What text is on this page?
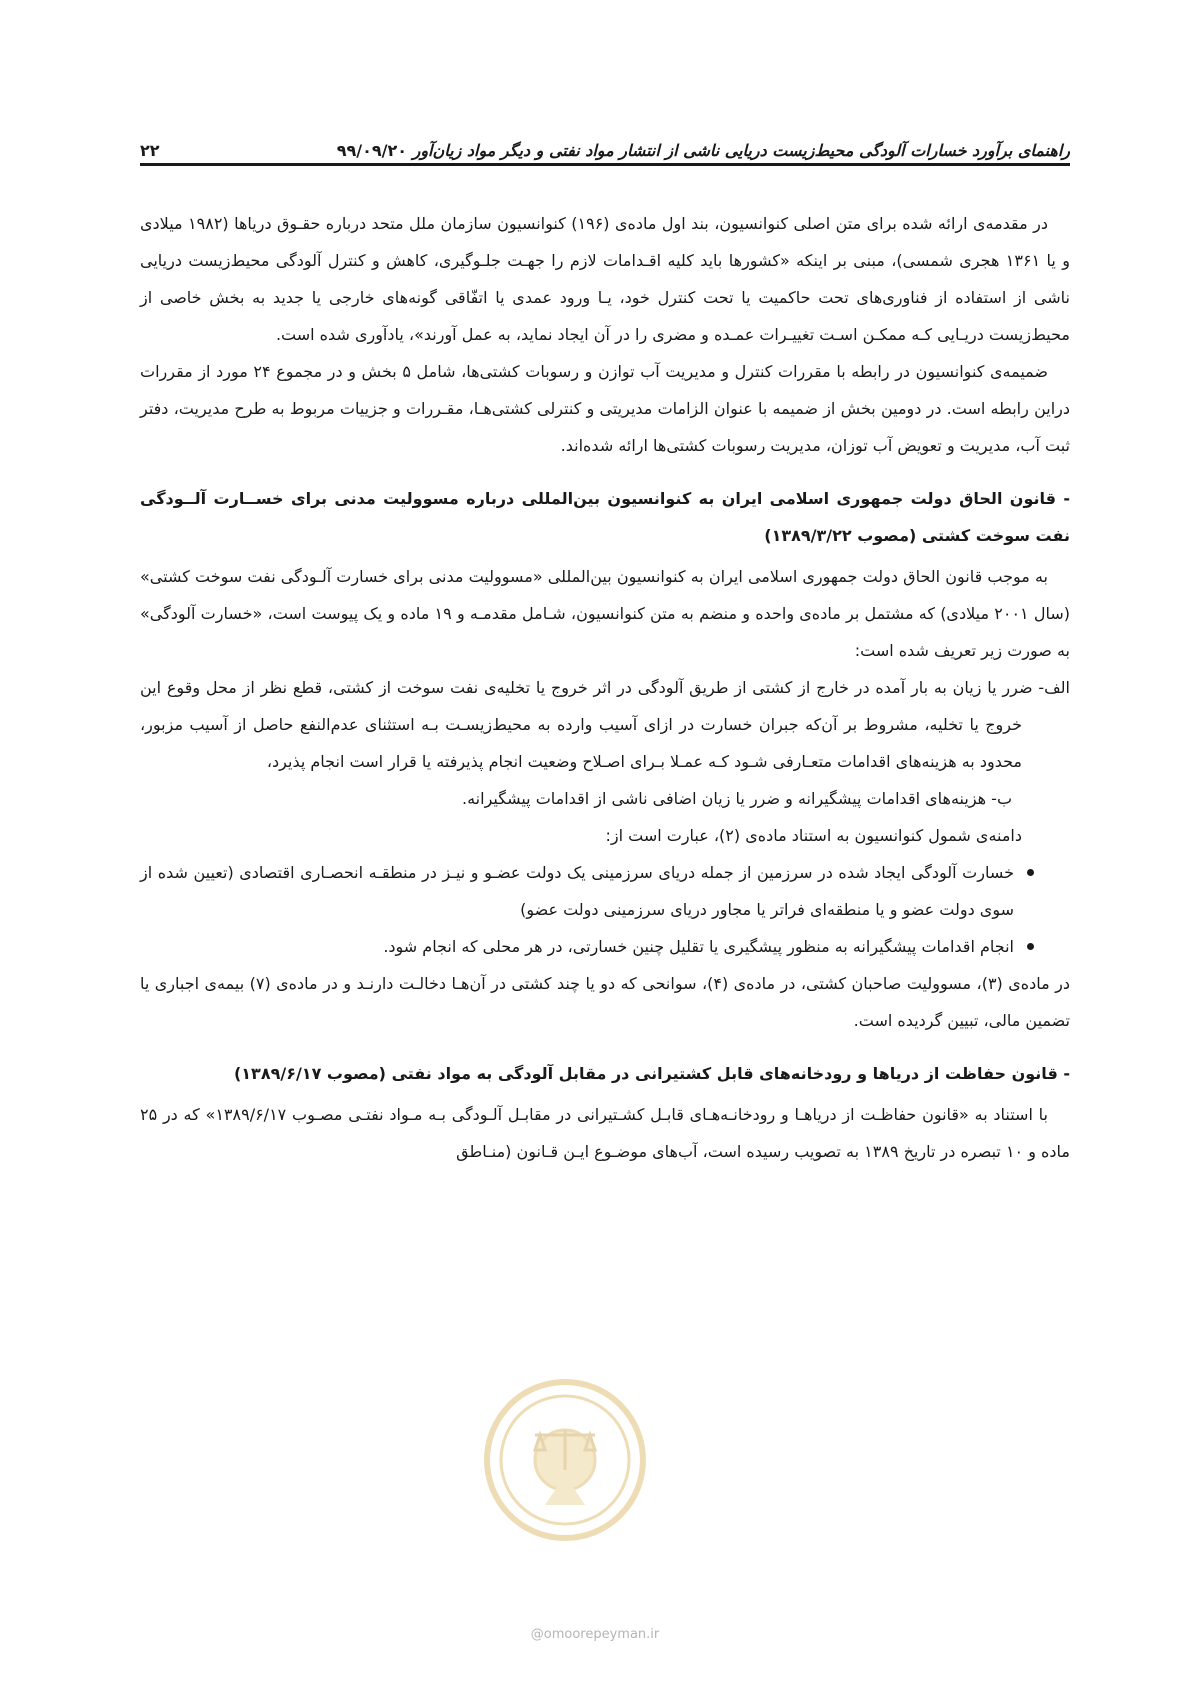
راهنمای برآورد خسارات آلودگی محیط‌زیست دریایی ناشی از انتشار مواد نفتی و دیگر مواد زیان‌آور ۹۹/۰۹/۲۰
۲۲

در مقدمه‌ی ارائه شده برای متن اصلی کنوانسیون، بند اول ماده‌ی (۱۹۶) کنوانسیون سازمان ملل متحد درباره حقـوق دریاها (۱۹۸۲ میلادی و یا ۱۳۶۱ هجری شمسی)، مبنی بر اینکه «کشورها باید کلیه اقـدامات لازم را جهـت جلـوگیری، کاهش و کنترل آلودگی محیط‌زیست دریایی ناشی از استفاده از فناوری‌های تحت حاکمیت یا تحت کنترل خود، یـا ورود عمدی یا اتفّاقی گونه‌های خارجی یا جدید به بخش خاصی از محیط‌زیست دریـایی کـه ممکـن اسـت تغییـرات عمـده و مضری را در آن ایجاد نماید، به عمل آورند»، یادآوری شده است.

ضمیمه‌ی کنوانسیون در رابطه با مقررات کنترل و مدیریت آب توازن و رسوبات کشتی‌ها، شامل ۵ بخش و در مجموع ۲۴ مورد از مقررات دراین رابطه است. در دومین بخش از ضمیمه با عنوان الزامات مدیریتی و کنترلی کشتی‌هـا، مقـررات و جزییات مربوط به طرح مدیریت، دفتر ثبت آب، مدیریت و تعویض آب توزان، مدیریت رسوبات کشتی‌ها ارائه شده‌اند.

- قانون الحاق دولت جمهوری اسلامی ایران به کنوانسیون بین‌المللی درباره مسوولیت مدنی برای خســارت آلــودگی نفت سوخت کشتی (مصوب ۱۳۸۹/۳/۲۲)

به موجب قانون الحاق دولت جمهوری اسلامی ایران به کنوانسیون بین‌المللی «مسوولیت مدنی برای خسارت آلـودگی نفت سوخت کشتی» (سال ۲۰۰۱ میلادی) که مشتمل بر ماده‌ی واحده و منضم به متن کنوانسیون، شـامل مقدمـه و ۱۹ ماده و یک پیوست است، «خسارت آلودگی» به صورت زیر تعریف شده است:

الف- ضرر یا زیان به بار آمده در خارج از کشتی از طریق آلودگی در اثر خروج یا تخلیه‌ی نفت سوخت از کشتی، قطع نظر از محل وقوع این خروج یا تخلیه، مشروط بر آن‌که جبران خسارت در ازای آسیب وارده به محیط‌زیسـت بـه استثنای عدم‌النفع حاصل از آسیب مزبور، محدود به هزینه‌های اقدامات متعـارفی شـود کـه عمـلا بـرای اصـلاح وضعیت انجام پذیرفته یا قرار است انجام پذیرد،

ب- هزینه‌های اقدامات پیشگیرانه و ضرر یا زیان اضافی ناشی از اقدامات پیشگیرانه.

دامنه‌ی شمول کنوانسیون به استناد ماده‌ی (۲)، عبارت است از:

خسارت آلودگی ایجاد شده در سرزمین از جمله دریای سرزمینی یک دولت عضـو و نیـز در منطقـه انحصـاری اقتصادی (تعیین شده از سوی دولت عضو و یا منطقه‌ای فراتر یا مجاور دریای سرزمینی دولت عضو)
انجام اقدامات پیشگیرانه به منظور پیشگیری یا تقلیل چنین خسارتی، در هر محلی که انجام شود.

در ماده‌ی (۳)، مسوولیت صاحبان کشتی، در ماده‌ی (۴)، سوانحی که دو یا چند کشتی در آن‌هـا دخالـت دارنـد و در ماده‌ی (۷) بیمه‌ی اجباری یا تضمین مالی، تبیین گردیده است.

- قانون حفاظت از دریاها و رودخانه‌های قابل کشتیرانی در مقابل آلودگی به مواد نفتی (مصوب ۱۳۸۹/۶/۱۷)

با استناد به «قانون حفاظـت از دریاهـا و رودخانـه‌هـای قابـل کشـتیرانی در مقابـل آلـودگی بـه مـواد نفتـی مصـوب ۱۳۸۹/۶/۱۷» که در ۲۵ ماده و ۱۰ تبصره در تاریخ ۱۳۸۹ به تصویب رسیده است، آب‌های موضـوع ایـن قـانون (منـاطق

@omoorepeyman.ir
